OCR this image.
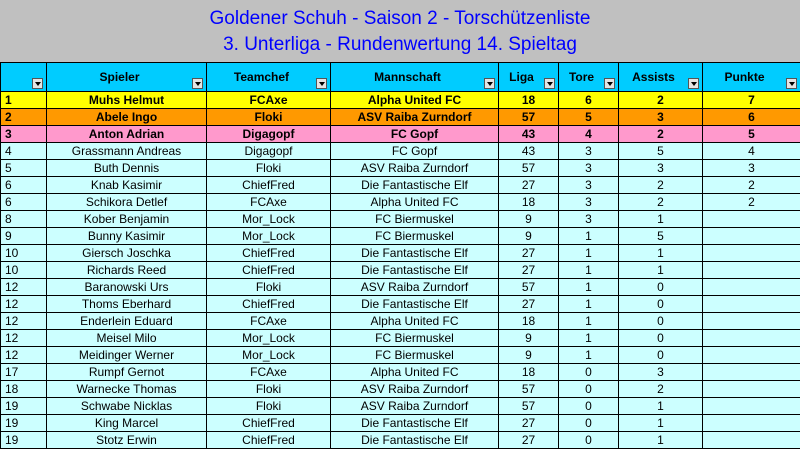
Goldener Schuh - Saison 2 - Torschützenliste
3. Unterliga - Rundenwertung 14. Spieltag

	Spieler	Teamchef	Mannschaft	Liga	Tore	Assists	Punkte

1	Muhs Helmut	FCAxe	Alpha United FC	18	6	2	7
2	Abele Ingo	Floki	ASV Raiba Zurndorf	57	5	3	6
3	Anton Adrian	Digagopf	FC Gopf	43	4	2	5
4	Grassmann Andreas	Digagopf	FC Gopf	43	3	5	4
5	Buth Dennis	Floki	ASV Raiba Zurndorf	57	3	3	3
6	Knab Kasimir	ChiefFred	Die Fantastische Elf	27	3	2	2
6	Schikora Detlef	FCAxe	Alpha United FC	18	3	2	2
8	Kober Benjamin	Mor_Lock	FC Biermuskel	9	3	1	
9	Bunny Kasimir	Mor_Lock	FC Biermuskel	9	1	5	
10	Giersch Joschka	ChiefFred	Die Fantastische Elf	27	1	1	
10	Richards Reed	ChiefFred	Die Fantastische Elf	27	1	1	
12	Baranowski Urs	Floki	ASV Raiba Zurndorf	57	1	0	
12	Thoms Eberhard	ChiefFred	Die Fantastische Elf	27	1	0	
12	Enderlein Eduard	FCAxe	Alpha United FC	18	1	0	
12	Meisel Milo	Mor_Lock	FC Biermuskel	9	1	0	
12	Meidinger Werner	Mor_Lock	FC Biermuskel	9	1	0	
17	Rumpf Gernot	FCAxe	Alpha United FC	18	0	3	
18	Warnecke Thomas	Floki	ASV Raiba Zurndorf	57	0	2	
19	Schwabe Nicklas	Floki	ASV Raiba Zurndorf	57	0	1	
19	King Marcel	ChiefFred	Die Fantastische Elf	27	0	1	
19	Stotz Erwin	ChiefFred	Die Fantastische Elf	27	0	1	
